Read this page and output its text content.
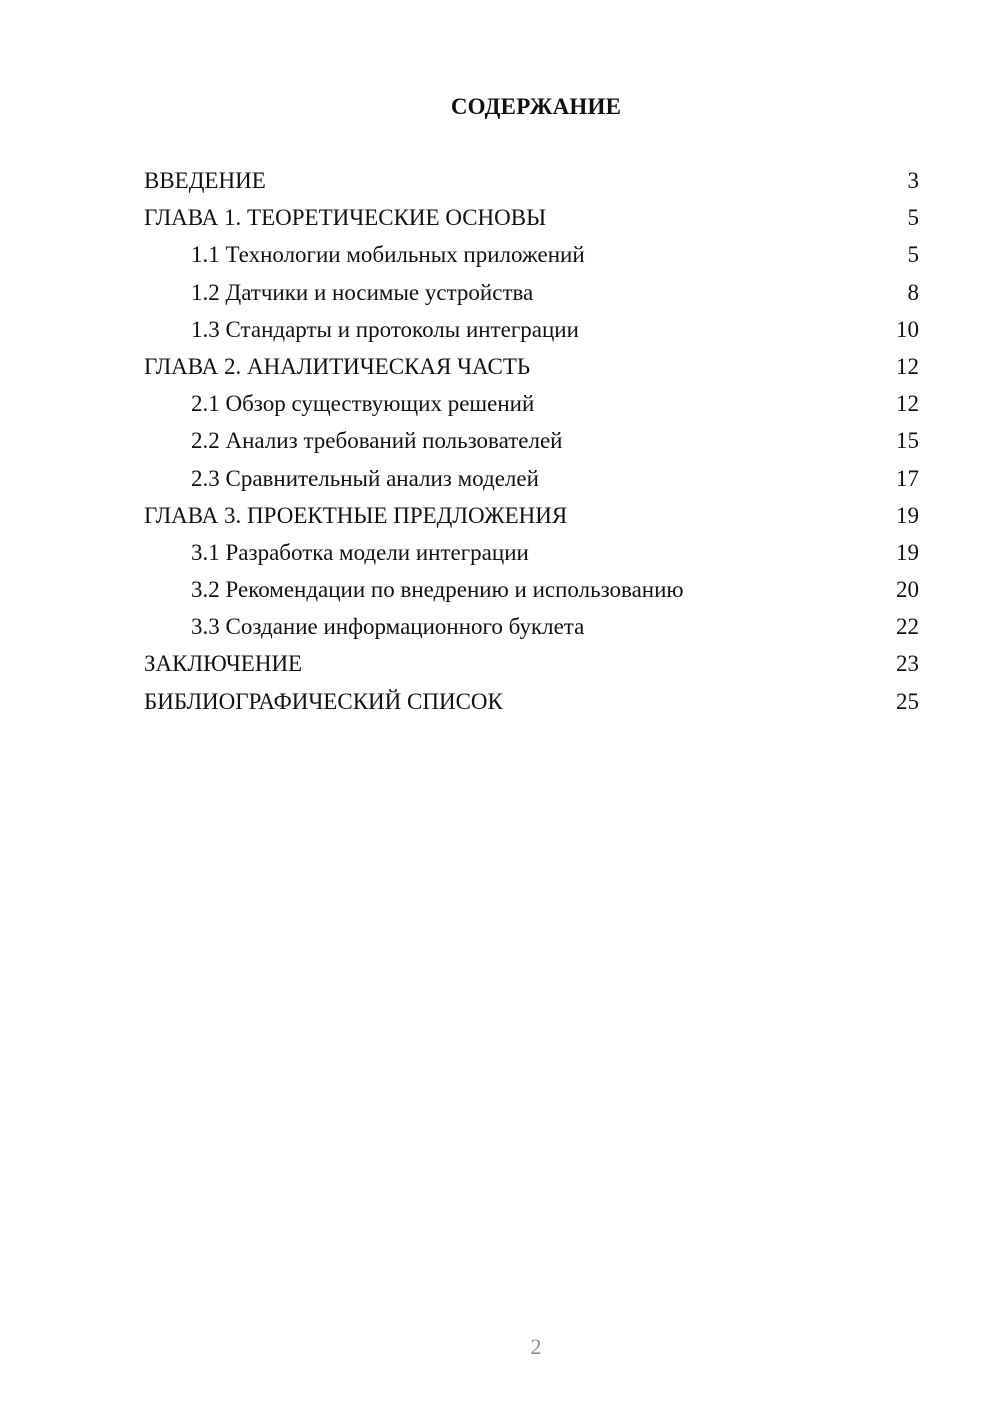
СОДЕРЖАНИЕ
ВВЕДЕНИЕ	3
ГЛАВА 1. ТЕОРЕТИЧЕСКИЕ ОСНОВЫ	5
1.1 Технологии мобильных приложений	5
1.2 Датчики и носимые устройства	8
1.3 Стандарты и протоколы интеграции	10
ГЛАВА 2. АНАЛИТИЧЕСКАЯ ЧАСТЬ	12
2.1 Обзор существующих решений	12
2.2 Анализ требований пользователей	15
2.3 Сравнительный анализ моделей	17
ГЛАВА 3. ПРОЕКТНЫЕ ПРЕДЛОЖЕНИЯ	19
3.1 Разработка модели интеграции	19
3.2 Рекомендации по внедрению и использованию	20
3.3 Создание информационного буклета	22
ЗАКЛЮЧЕНИЕ	23
БИБЛИОГРАФИЧЕСКИЙ СПИСОК	25
2
